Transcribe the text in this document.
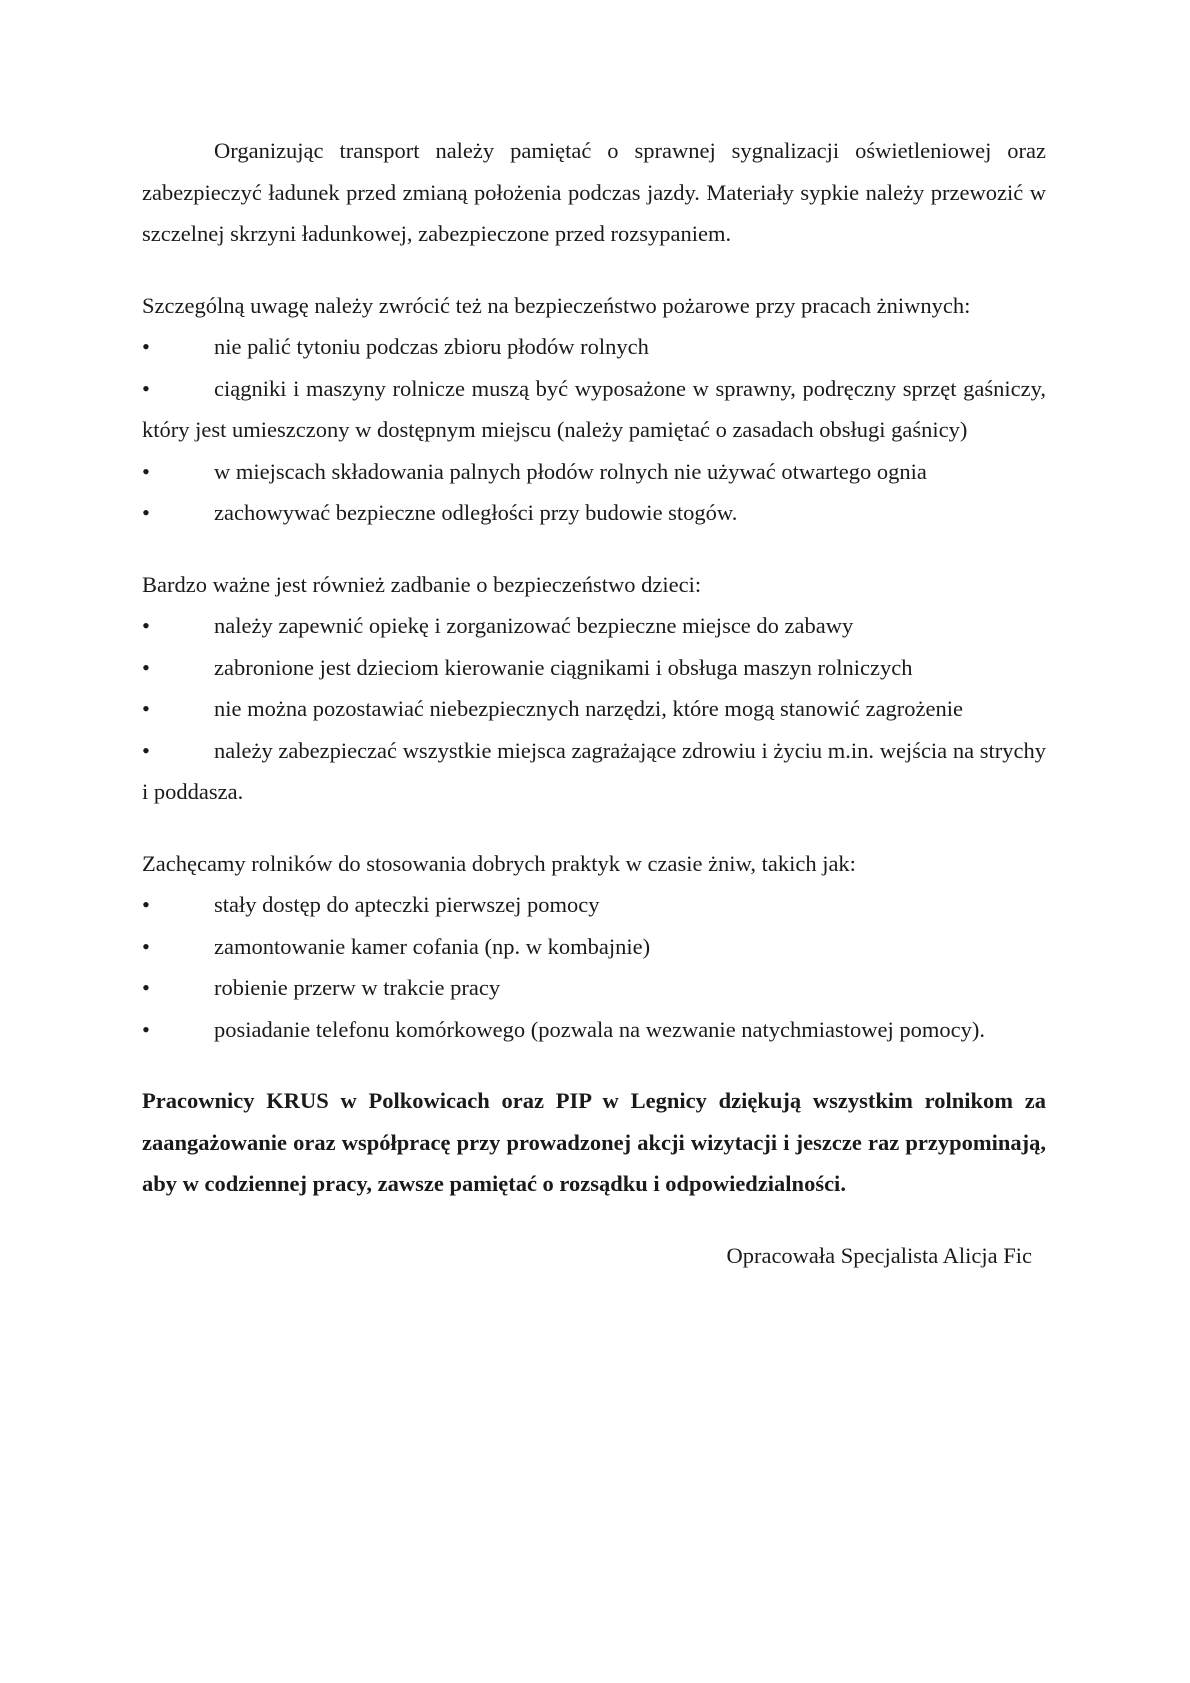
Organizując transport należy pamiętać o sprawnej sygnalizacji oświetleniowej oraz zabezpieczyć ładunek przed zmianą położenia podczas jazdy. Materiały sypkie należy przewozić w szczelnej skrzyni ładunkowej, zabezpieczone przed rozsypaniem.

Szczególną uwagę należy zwrócić też na bezpieczeństwo pożarowe przy pracach żniwnych:

•	nie palić tytoniu podczas zbioru płodów rolnych
•	ciągniki i maszyny rolnicze muszą być wyposażone w sprawny, podręczny sprzęt gaśniczy, który jest umieszczony w dostępnym miejscu (należy pamiętać o zasadach obsługi gaśnicy)
•	w miejscach składowania palnych płodów rolnych nie używać otwartego ognia
•	zachowywać bezpieczne odległości przy budowie stogów.

Bardzo ważne jest również zadbanie o bezpieczeństwo dzieci:

•	należy zapewnić opiekę i zorganizować bezpieczne miejsce do zabawy
•	zabronione jest dzieciom kierowanie ciągnikami i obsługa maszyn rolniczych
•	nie można pozostawiać niebezpiecznych narzędzi, które mogą stanowić zagrożenie
•	należy zabezpieczać wszystkie miejsca zagrażające zdrowiu i życiu m.in. wejścia na strychy i poddasza.

Zachęcamy rolników do stosowania dobrych praktyk w czasie żniw, takich jak:

•	stały dostęp do apteczki pierwszej pomocy
•	zamontowanie kamer cofania (np. w kombajnie)
•	robienie przerw w trakcie pracy
•	posiadanie telefonu komórkowego (pozwala na wezwanie natychmiastowej pomocy).

Pracownicy KRUS w Polkowicach oraz PIP w Legnicy dziękują wszystkim rolnikom za zaangażowanie oraz współpracę przy prowadzonej akcji wizytacji i jeszcze raz przypominają, aby w codziennej pracy, zawsze pamiętać o rozsądku i odpowiedzialności.

Opracowała Specjalista Alicja Fic
